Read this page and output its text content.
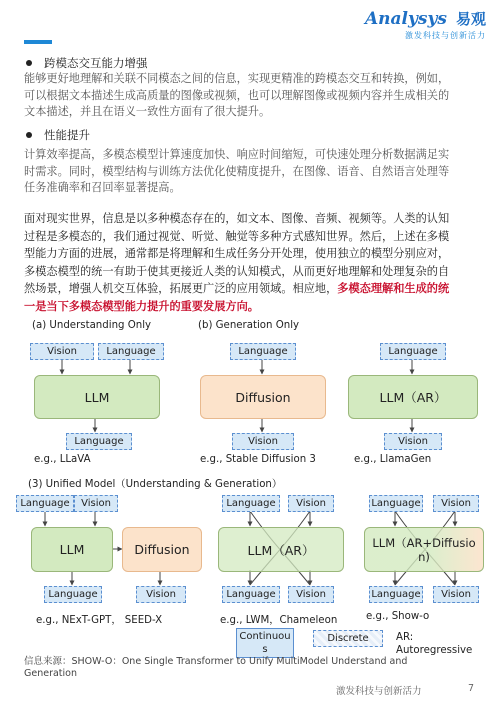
Analysys 易观
激发科技与创新活力
跨模态交互能力增强
能够更好地理解和关联不同模态之间的信息，实现更精准的跨模态交互和转换，例如，
可以根据文本描述生成高质量的图像或视频，也可以理解图像或视频内容并生成相关的
文本描述，并且在语义一致性方面有了很大提升。
性能提升
计算效率提高，多模态模型计算速度加快、响应时间缩短，可快速处理分析数据满足实
时需求。同时，模型结构与训练方法优化使精度提升，在图像、语音、自然语言处理等
任务准确率和召回率显著提高。
面对现实世界，信息是以多种模态存在的，如文本、图像、音频、视频等。人类的认知
过程是多模态的，我们通过视觉、听觉、触觉等多种方式感知世界。然后，上述在多模
型能力方面的进展，通常都是将理解和生成任务分开处理，使用独立的模型分别应对，
多模态模型的统一有助于使其更接近人类的认知模式，从而更好地理解和处理复杂的自
然场景，增强人机交互体验，拓展更广泛的应用领域。相应地，多模态理解和生成的统
一是当下多模态模型能力提升的重要发展方向。
(a) Understanding Only
Vision	Language
LLM
Language
e.g., LLaVA
(b) Generation Only
Language
Diffusion
Vision
e.g., Stable Diffusion 3
Language
LLM（AR）
Vision
e.g., LlamaGen
(3) Unified Model（Understanding & Generation）
Language	Vision
LLM	Diffusion
Language	Vision
e.g., NExT-GPT， SEED-X
Language	Vision
LLM（AR）
Language	Vision
e.g., LWM，Chameleon
Language	Vision
LLM（AR+Diffusio
n)
Language	Vision
e.g., Show-o
Continuou
s
Discrete	AR:
Autoregressive
信息来源：SHOW-O：One Single Transformer to Unify MultiModel Understand and
Generation
激发科技与创新活力	7
